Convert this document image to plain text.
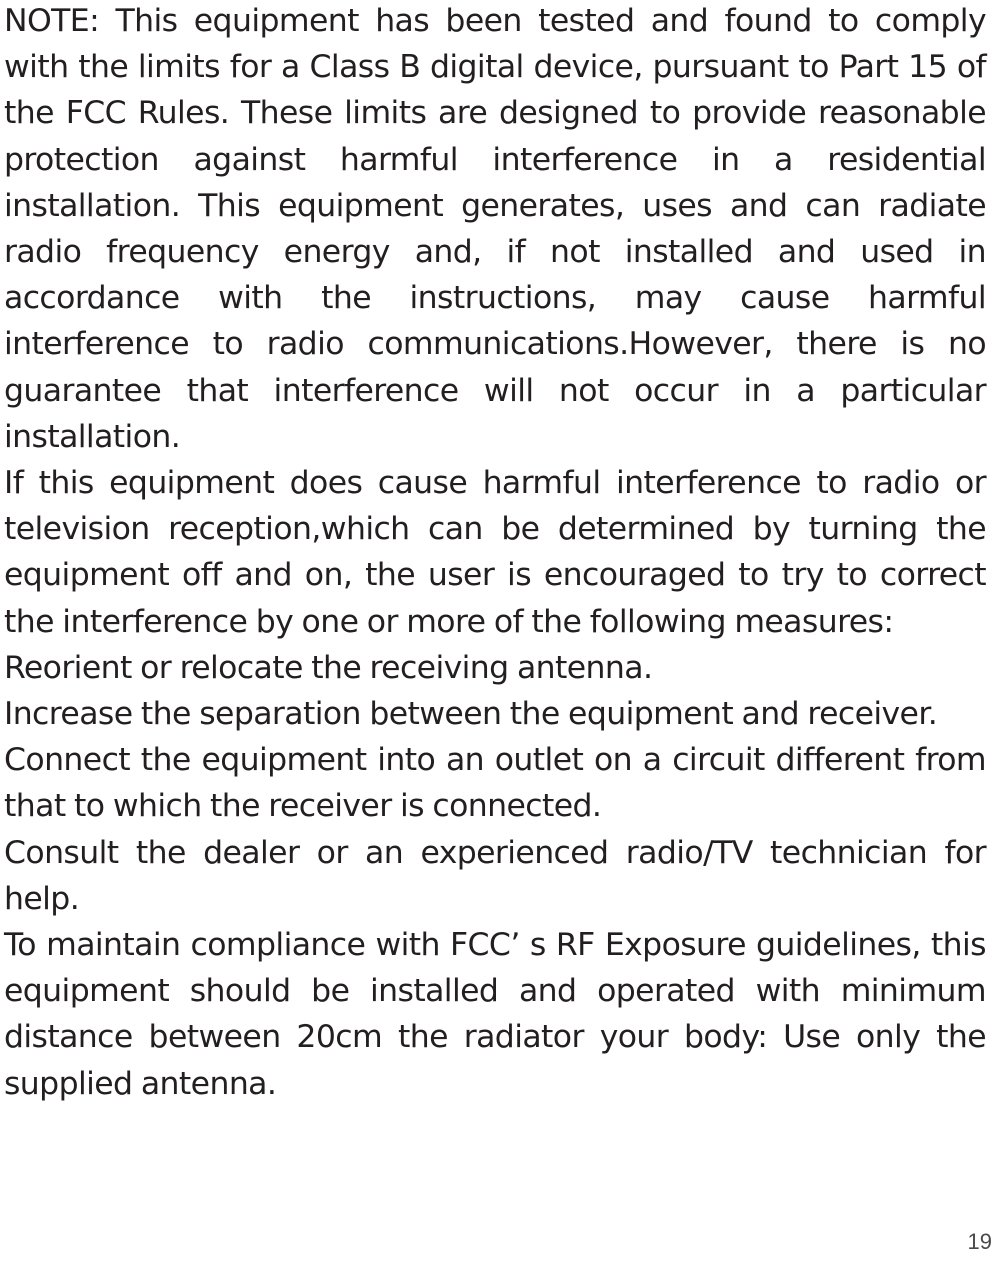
NOTE: This equipment has been tested and found to comply with the limits for a Class B digital device, pursuant to Part 15 of the FCC Rules. These limits are designed to provide reasonable protection against harmful interference in a residential installation. This equipment generates, uses and can radiate radio frequency energy and, if not installed and used in accordance with the instructions, may cause harmful interference to radio communications.However, there is no guarantee that interference will not occur in a particular installation.

If this equipment does cause harmful interference to radio or television reception,which can be determined by turning the equipment off and on, the user is encouraged to try to correct the interference by one or more of the following measures:

Reorient or relocate the receiving antenna.

Increase the separation between the equipment and receiver.

Connect the equipment into an outlet on a circuit different from that to which the receiver is connected.

Consult the dealer or an experienced radio/TV technician for help.

To maintain compliance with FCC’ s RF Exposure guidelines, this equipment should be installed and operated with minimum distance between 20cm the radiator your body: Use only the supplied antenna.

19
